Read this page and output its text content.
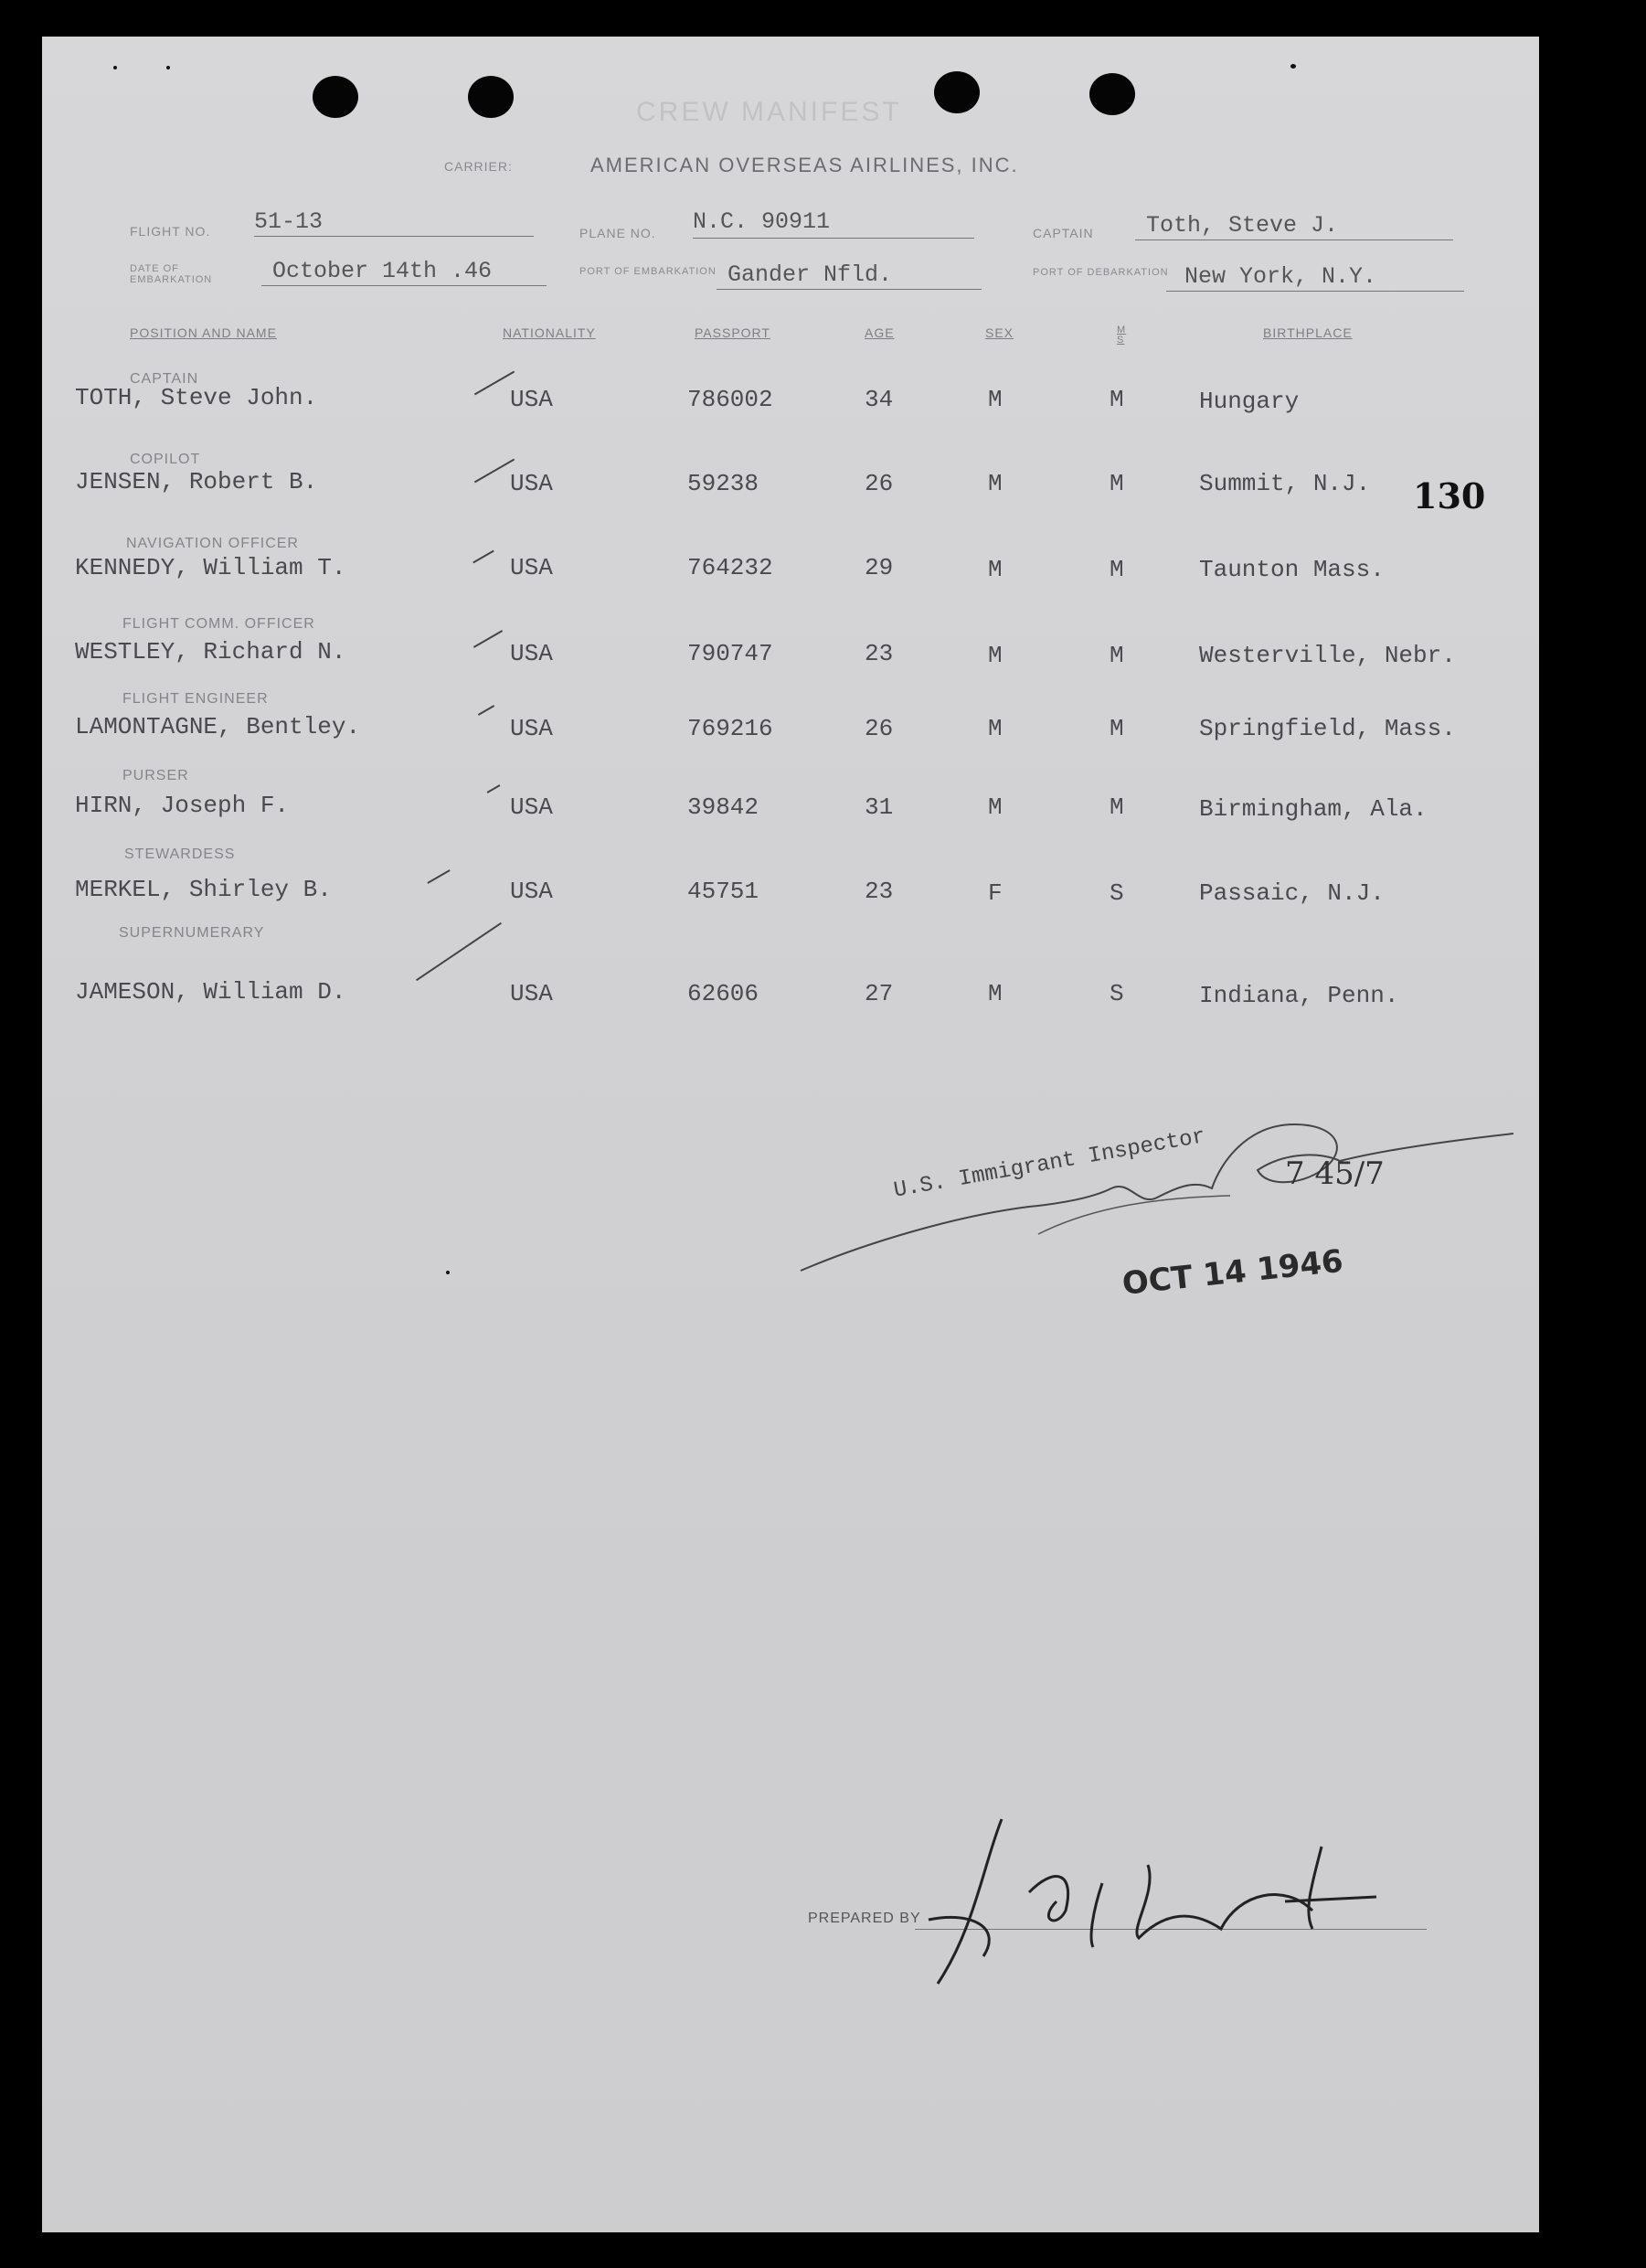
CREW MANIFEST
CARRIER:	AMERICAN OVERSEAS AIRLINES, INC.
FLIGHT NO. 51-13	PLANE NO. N.C. 90911	CAPTAIN Toth, Steve J.
DATE OF EMBARKATION	October 14th .46	PORT OF EMBARKATION Gander Nfld.	PORT OF DEBARKATION New York, N.Y.
POSITION AND NAME	NATIONALITY	PASSPORT	AGE	SEX	M S	BIRTHPLACE
CAPTAIN
TOTH, Steve John.	USA	786002	34	M	M	Hungary
COPILOT
JENSEN, Robert B.	USA	59238	26	M	M	Summit, N.J.
NAVIGATION OFFICER
KENNEDY, William T.	USA	764232	29	M	M	Taunton Mass.
FLIGHT COMM. OFFICER
WESTLEY, Richard N.	USA	790747	23	M	M	Westerville, Nebr.
FLIGHT ENGINEER
LAMONTAGNE, Bentley.	USA	769216	26	M	M	Springfield, Mass.
PURSER
HIRN, Joseph F.	USA	39842	31	M	M	Birmingham, Ala.
STEWARDESS
MERKEL, Shirley B.	USA	45751	23	F	S	Passaic, N.J.
SUPERNUMERARY
JAMESON, William D.	USA	62606	27	M	S	Indiana, Penn.
130
7 45/7
U.S. Immigrant Inspector
OCT 14 1946
PREPARED BY
